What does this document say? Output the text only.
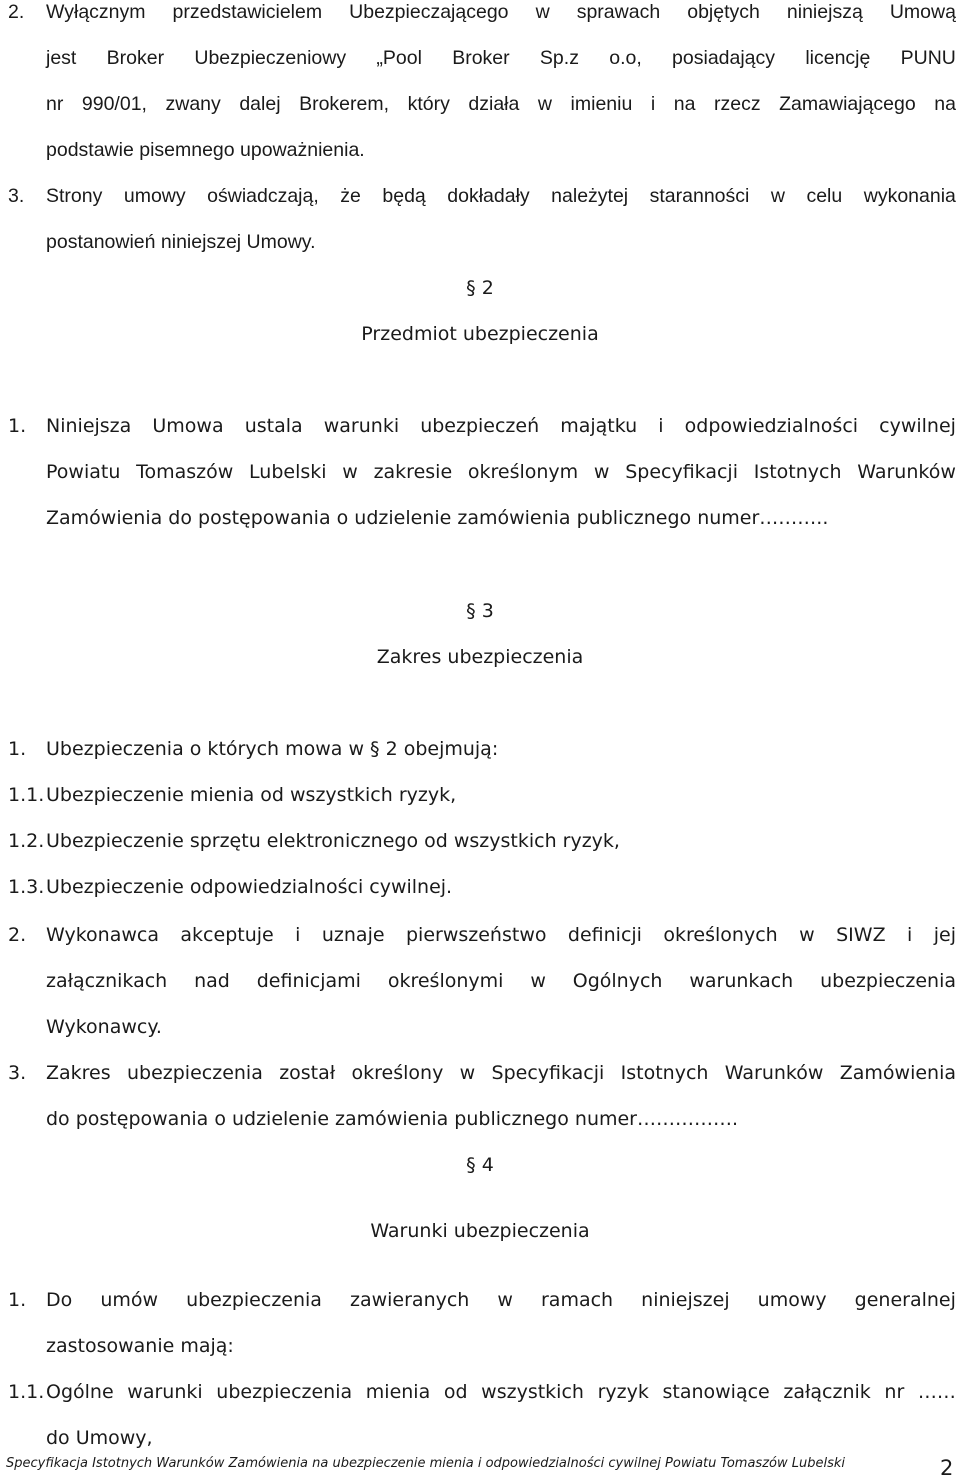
2. Wyłącznym przedstawicielem Ubezpieczającego w sprawach objętych niniejszą Umową
jest Broker Ubezpieczeniowy „Pool Broker Sp.z o.o, posiadający licencję PUNU
nr 990/01, zwany dalej Brokerem, który działa w imieniu i na rzecz Zamawiającego na
podstawie pisemnego upoważnienia.
3. Strony umowy oświadczają, że będą dokładały należytej staranności w celu wykonania
postanowień niniejszej Umowy.
§ 2
Przedmiot ubezpieczenia
1. Niniejsza Umowa ustala warunki ubezpieczeń majątku i odpowiedzialności cywilnej
Powiatu Tomaszów Lubelski w zakresie określonym w Specyfikacji Istotnych Warunków
Zamówienia do postępowania o udzielenie zamówienia publicznego numer………..
§ 3
Zakres ubezpieczenia
1. Ubezpieczenia o których mowa w § 2 obejmują:
1.1. Ubezpieczenie mienia od wszystkich ryzyk,
1.2. Ubezpieczenie sprzętu elektronicznego od wszystkich ryzyk,
1.3. Ubezpieczenie odpowiedzialności cywilnej.
2. Wykonawca akceptuje i uznaje pierwszeństwo definicji określonych w SIWZ i jej
załącznikach nad definicjami określonymi w Ogólnych warunkach ubezpieczenia
Wykonawcy.
3. Zakres ubezpieczenia został określony w Specyfikacji Istotnych Warunków Zamówienia
do postępowania o udzielenie zamówienia publicznego numer…………….
§ 4
Warunki ubezpieczenia
1. Do umów ubezpieczenia zawieranych w ramach niniejszej umowy generalnej
zastosowanie mają:
1.1. Ogólne warunki ubezpieczenia mienia od wszystkich ryzyk stanowiące załącznik nr ……
do Umowy,
Specyfikacja Istotnych Warunków Zamówienia na ubezpieczenie mienia i odpowiedzialności cywilnej Powiatu Tomaszów Lubelski	2
